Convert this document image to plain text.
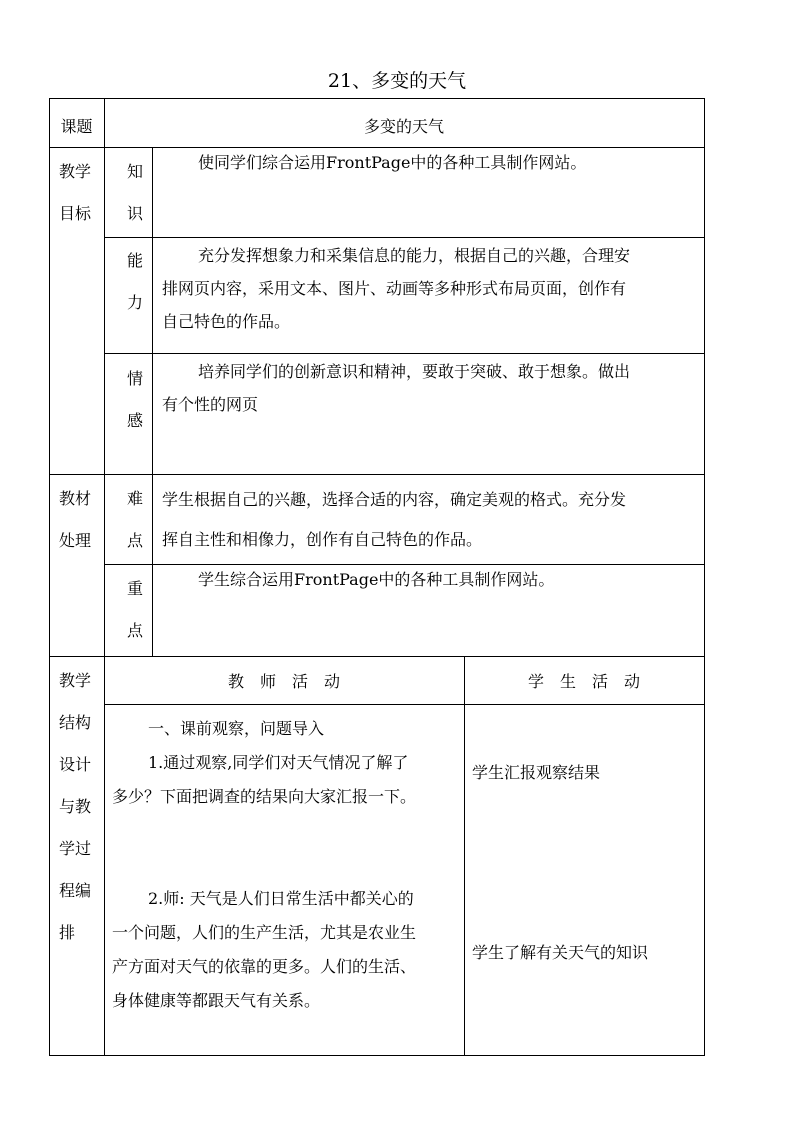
21、多变的天气
课题	多变的天气
教学
目标
知
识
使同学们综合运用FrontPage中的各种工具制作网站。
能
力
充分发挥想象力和采集信息的能力，根据自己的兴趣，合理安
排网页内容，采用文本、图片、动画等多种形式布局页面，创作有
自己特色的作品。
情
感
培养同学们的创新意识和精神，要敢于突破、敢于想象。做出
有个性的网页
教材
处理
难
点
学生根据自己的兴趣，选择合适的内容，确定美观的格式。充分发
挥自主性和相像力，创作有自己特色的作品。
重
点
学生综合运用FrontPage中的各种工具制作网站。
教学
结构
设计
与教
学过
程编
排
教　师　活　动	学　生　活　动
一、课前观察，问题导入
1.通过观察,同学们对天气情况了解了
多少？下面把调查的结果向大家汇报一下。
2.师: 天气是人们日常生活中都关心的
一个问题，人们的生产生活，尤其是农业生
产方面对天气的依靠的更多。人们的生活、
身体健康等都跟天气有关系。
学生汇报观察结果
学生了解有关天气的知识
